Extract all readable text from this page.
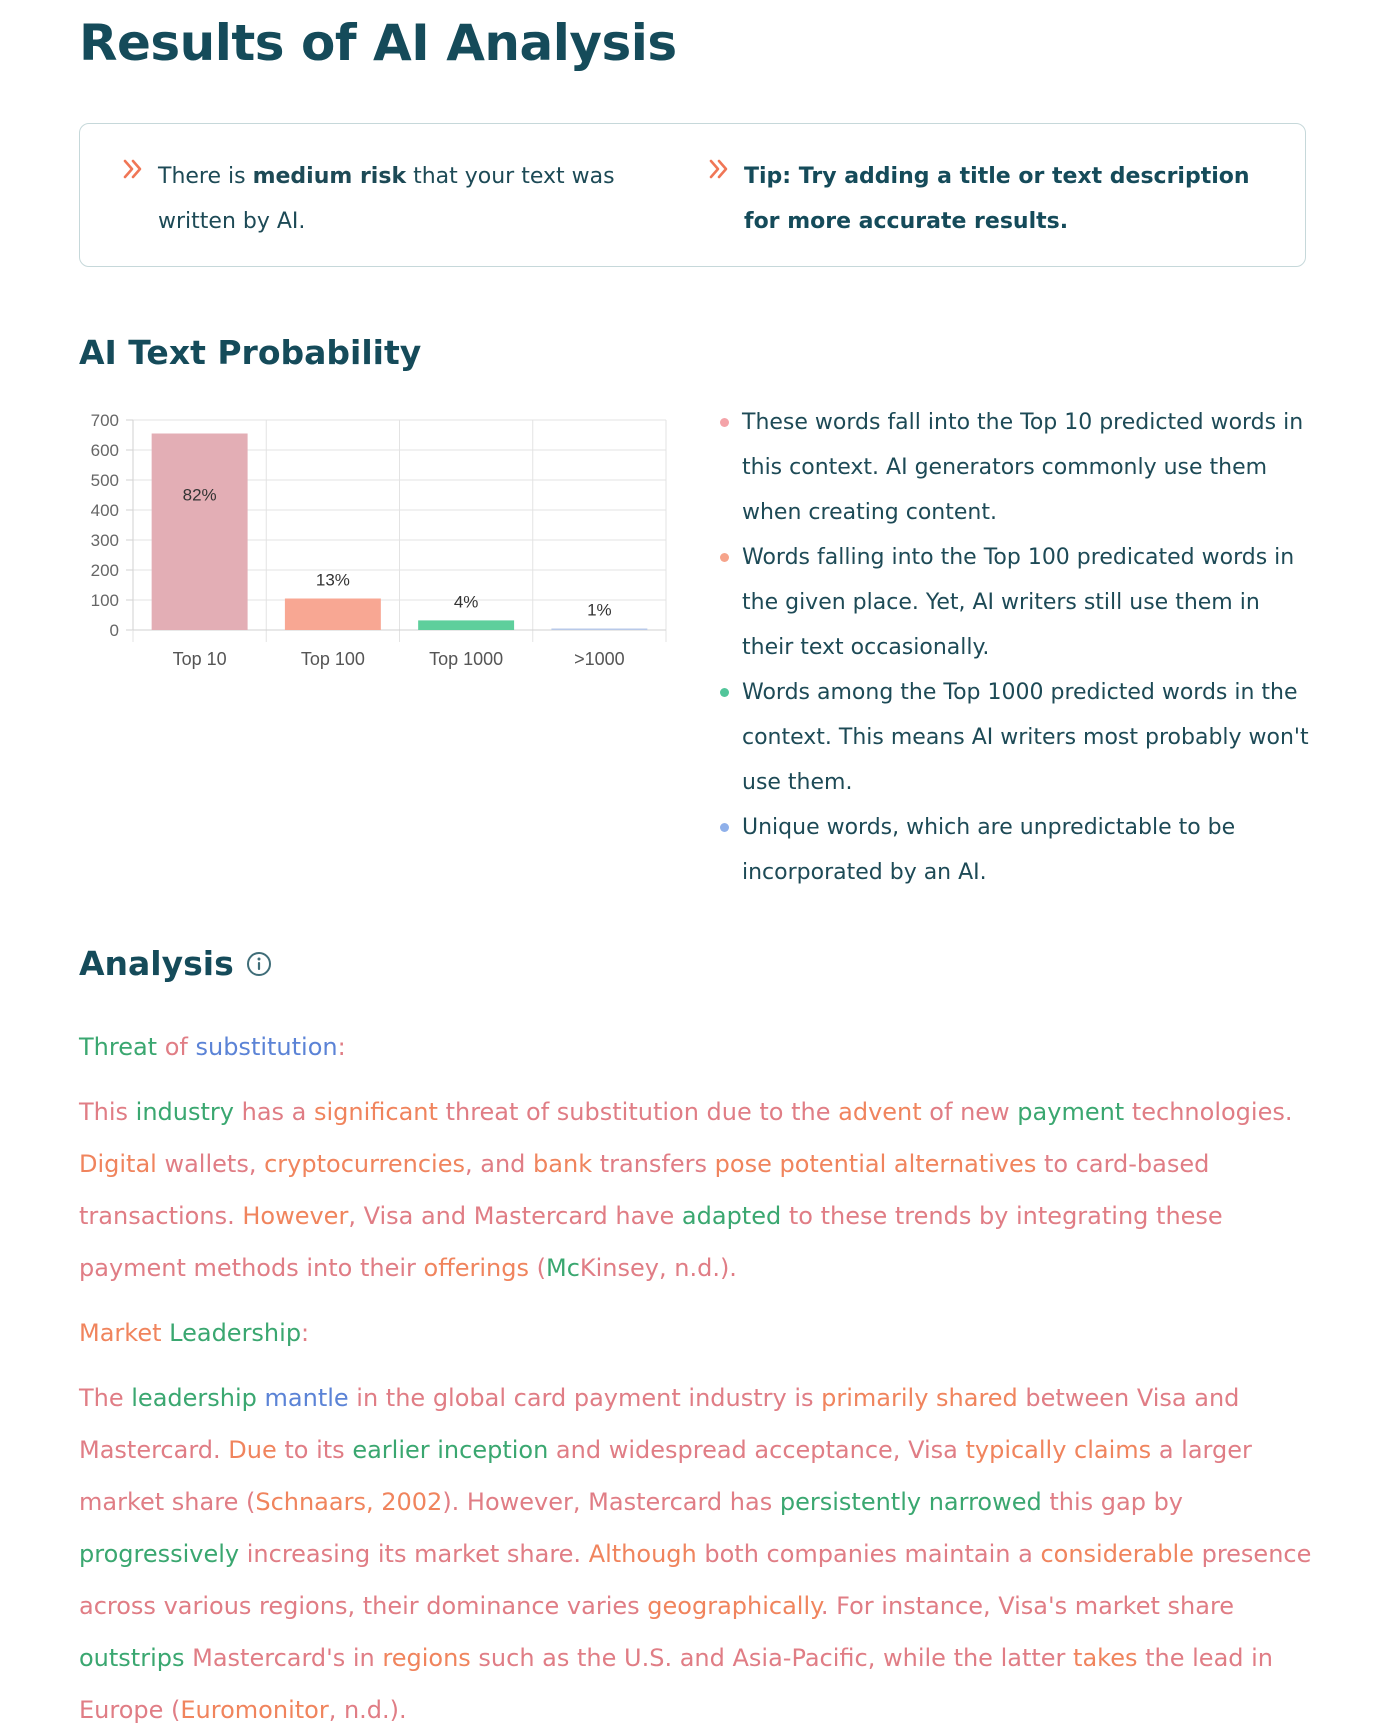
Results of AI Analysis
There is medium risk that your text was written by AI.
Tip: Try adding a title or text description for more accurate results.
AI Text Probability
0
100
200
300
400
500
600
700
82%
Top 10
13%
Top 100
4%
Top 1000
1%
>1000
These words fall into the Top 10 predicted words in this context. AI generators commonly use them when creating content.
Words falling into the Top 100 predicated words in the given place. Yet, AI writers still use them in their text occasionally.
Words among the Top 1000 predicted words in the context. This means AI writers most probably won't use them.
Unique words, which are unpredictable to be incorporated by an AI.
Analysis

Threat of substitution:

This industry has a significant threat of substitution due to the advent of new payment technologies. Digital wallets, cryptocurrencies, and bank transfers pose potential alternatives to card-based transactions. However, Visa and Mastercard have adapted to these trends by integrating these payment methods into their offerings (McKinsey, n.d.).

Market Leadership:

The leadership mantle in the global card payment industry is primarily shared between Visa and Mastercard. Due to its earlier inception and widespread acceptance, Visa typically claims a larger market share (Schnaars, 2002). However, Mastercard has persistently narrowed this gap by progressively increasing its market share. Although both companies maintain a considerable presence across various regions, their dominance varies geographically. For instance, Visa's market share outstrips Mastercard's in regions such as the U.S. and Asia-Pacific, while the latter takes the lead in Europe (Euromonitor, n.d.).
